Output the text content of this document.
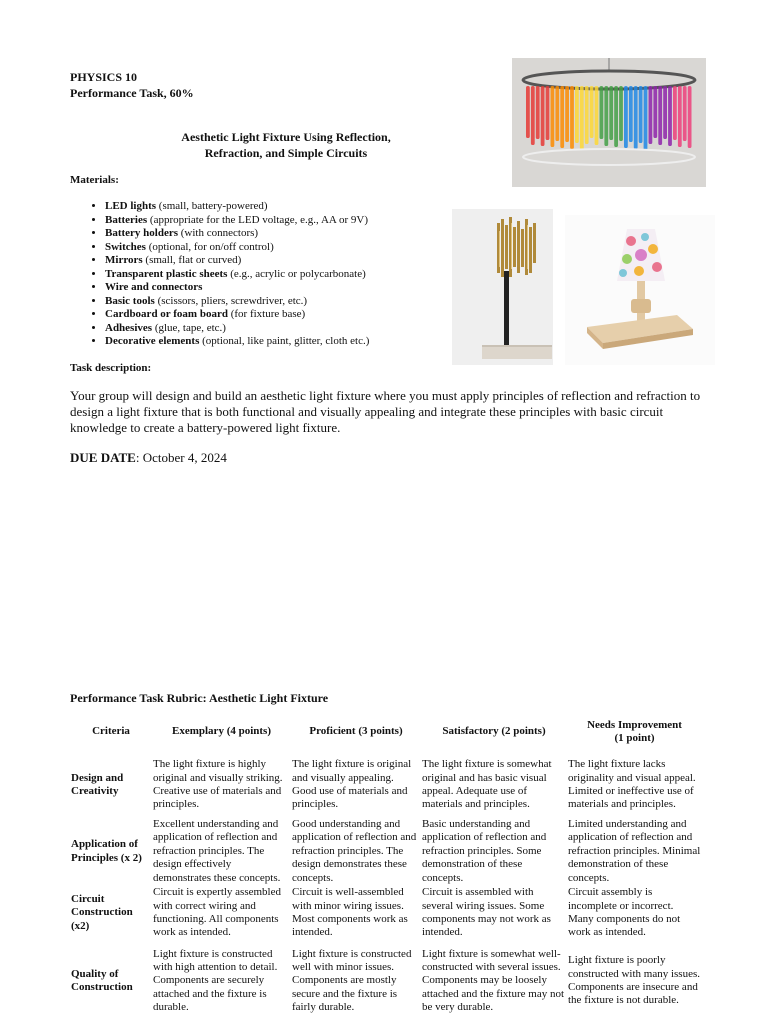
PHYSICS 10
Performance Task, 60%
Aesthetic Light Fixture Using Reflection,
Refraction, and Simple Circuits
Materials:
• LED lights (small, battery-powered)
• Batteries (appropriate for the LED voltage, e.g., AA or 9V)
• Battery holders (with connectors)
• Switches (optional, for on/off control)
• Mirrors (small, flat or curved)
• Transparent plastic sheets (e.g., acrylic or polycarbonate)
• Wire and connectors
• Basic tools (scissors, pliers, screwdriver, etc.)
• Cardboard or foam board (for fixture base)
• Adhesives (glue, tape, etc.)
• Decorative elements (optional, like paint, glitter, cloth etc.)
Task description:
Your group will design and build an aesthetic light fixture where you must apply principles of reflection and refraction to design a light fixture that is both functional and visually appealing and integrate these principles with basic circuit knowledge to create a battery-powered light fixture.
DUE DATE: October 4, 2024
Performance Task Rubric: Aesthetic Light Fixture
Criteria	Exemplary (4 points)	Proficient (3 points)	Satisfactory (2 points)	Needs Improvement
(1 point)

Design and Creativity	The light fixture is highly original and visually striking. Creative use of materials and principles.	The light fixture is original and visually appealing. Good use of materials and principles.	The light fixture is somewhat original and has basic visual appeal. Adequate use of materials and principles.	The light fixture lacks originality and visual appeal. Limited or ineffective use of materials and principles.
Application of Principles (x 2)	Excellent understanding and application of reflection and refraction principles. The design effectively demonstrates these concepts.	Good understanding and application of reflection and refraction principles. The design demonstrates these concepts.	Basic understanding and application of reflection and refraction principles. Some demonstration of these concepts.	Limited understanding and application of reflection and refraction principles. Minimal demonstration of these concepts.
Circuit Construction (x2)	Circuit is expertly assembled with correct wiring and functioning. All components work as intended.	Circuit is well-assembled with minor wiring issues. Most components work as intended.	Circuit is assembled with several wiring issues. Some components may not work as intended.	Circuit assembly is incomplete or incorrect. Many components do not work as intended.
Quality of Construction	Light fixture is constructed with high attention to detail. Components are securely attached and the fixture is durable.	Light fixture is constructed well with minor issues. Components are mostly secure and the fixture is fairly durable.	Light fixture is somewhat well-constructed with several issues. Components may be loosely attached and the fixture may not be very durable.	Light fixture is poorly constructed with many issues. Components are insecure and the fixture is not durable.
